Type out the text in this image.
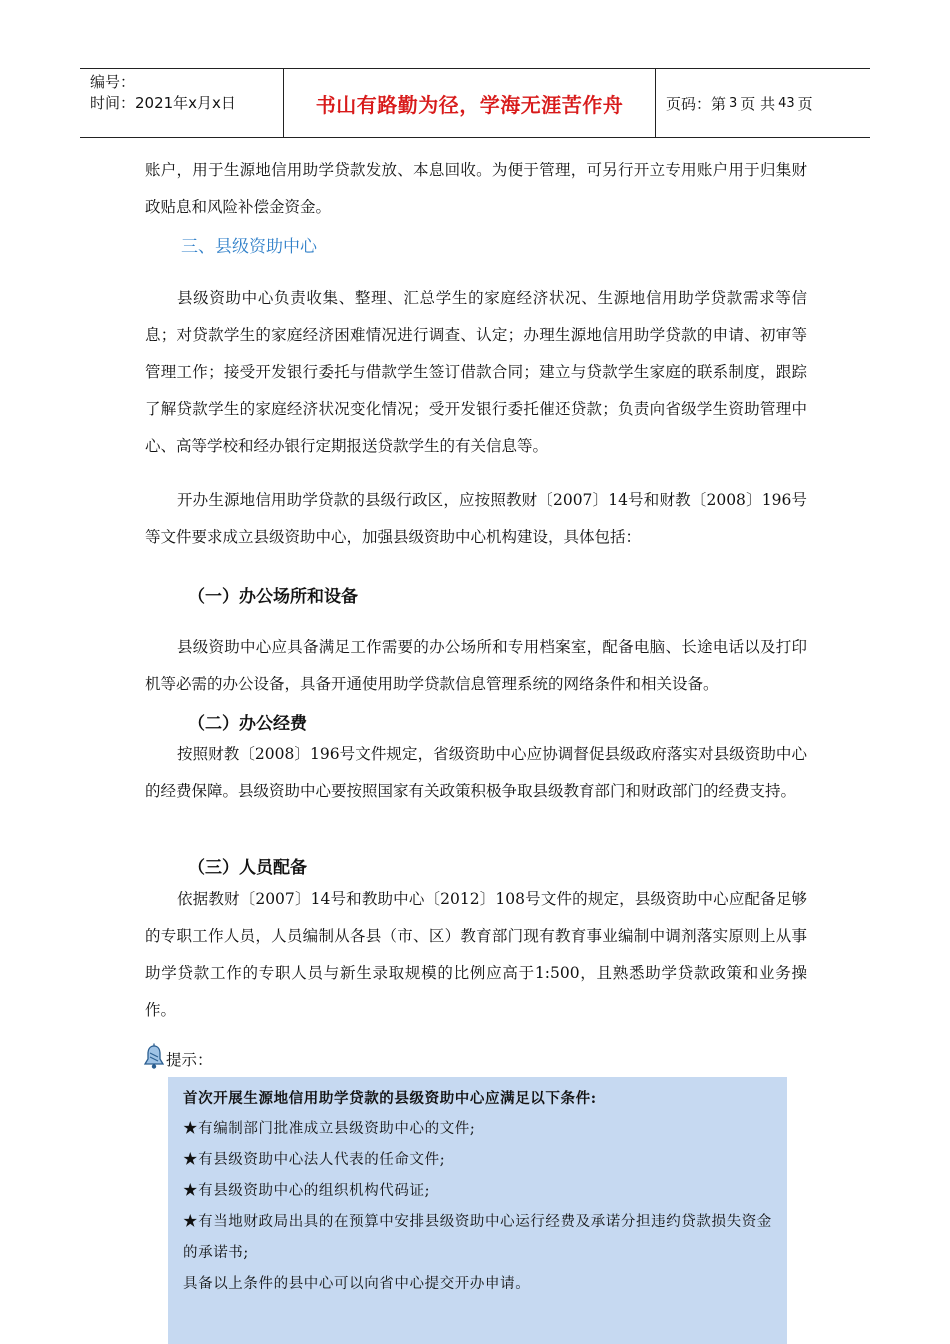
编号：
时间：2021年x月x日	书山有路勤为径，学海无涯苦作舟	页码：第 3 页 共 43 页

账户，用于生源地信用助学贷款发放、本息回收。为便于管理，可另行开立专用账户用于归集财政贴息和风险补偿金资金。

三、县级资助中心

县级资助中心负责收集、整理、汇总学生的家庭经济状况、生源地信用助学贷款需求等信息；对贷款学生的家庭经济困难情况进行调查、认定；办理生源地信用助学贷款的申请、初审等管理工作；接受开发银行委托与借款学生签订借款合同；建立与贷款学生家庭的联系制度，跟踪了解贷款学生的家庭经济状况变化情况；受开发银行委托催还贷款；负责向省级学生资助管理中心、高等学校和经办银行定期报送贷款学生的有关信息等。

开办生源地信用助学贷款的县级行政区，应按照教财〔2007〕14号和财教〔2008〕196号等文件要求成立县级资助中心，加强县级资助中心机构建设，具体包括：

（一）办公场所和设备

县级资助中心应具备满足工作需要的办公场所和专用档案室，配备电脑、长途电话以及打印机等必需的办公设备，具备开通使用助学贷款信息管理系统的网络条件和相关设备。

（二）办公经费

按照财教〔2008〕196号文件规定，省级资助中心应协调督促县级政府落实对县级资助中心的经费保障。县级资助中心要按照国家有关政策积极争取县级教育部门和财政部门的经费支持。

（三）人员配备

依据教财〔2007〕14号和教助中心〔2012〕108号文件的规定，县级资助中心应配备足够的专职工作人员，人员编制从各县（市、区）教育部门现有教育事业编制中调剂落实原则上从事助学贷款工作的专职人员与新生录取规模的比例应高于1:500，且熟悉助学贷款政策和业务操作。

提示：

首次开展生源地信用助学贷款的县级资助中心应满足以下条件:

★有编制部门批准成立县级资助中心的文件;

★有县级资助中心法人代表的任命文件;

★有县级资助中心的组织机构代码证;

★有当地财政局出具的在预算中安排县级资助中心运行经费及承诺分担违约贷款损失资金的承诺书;

具备以上条件的县中心可以向省中心提交开办申请。
